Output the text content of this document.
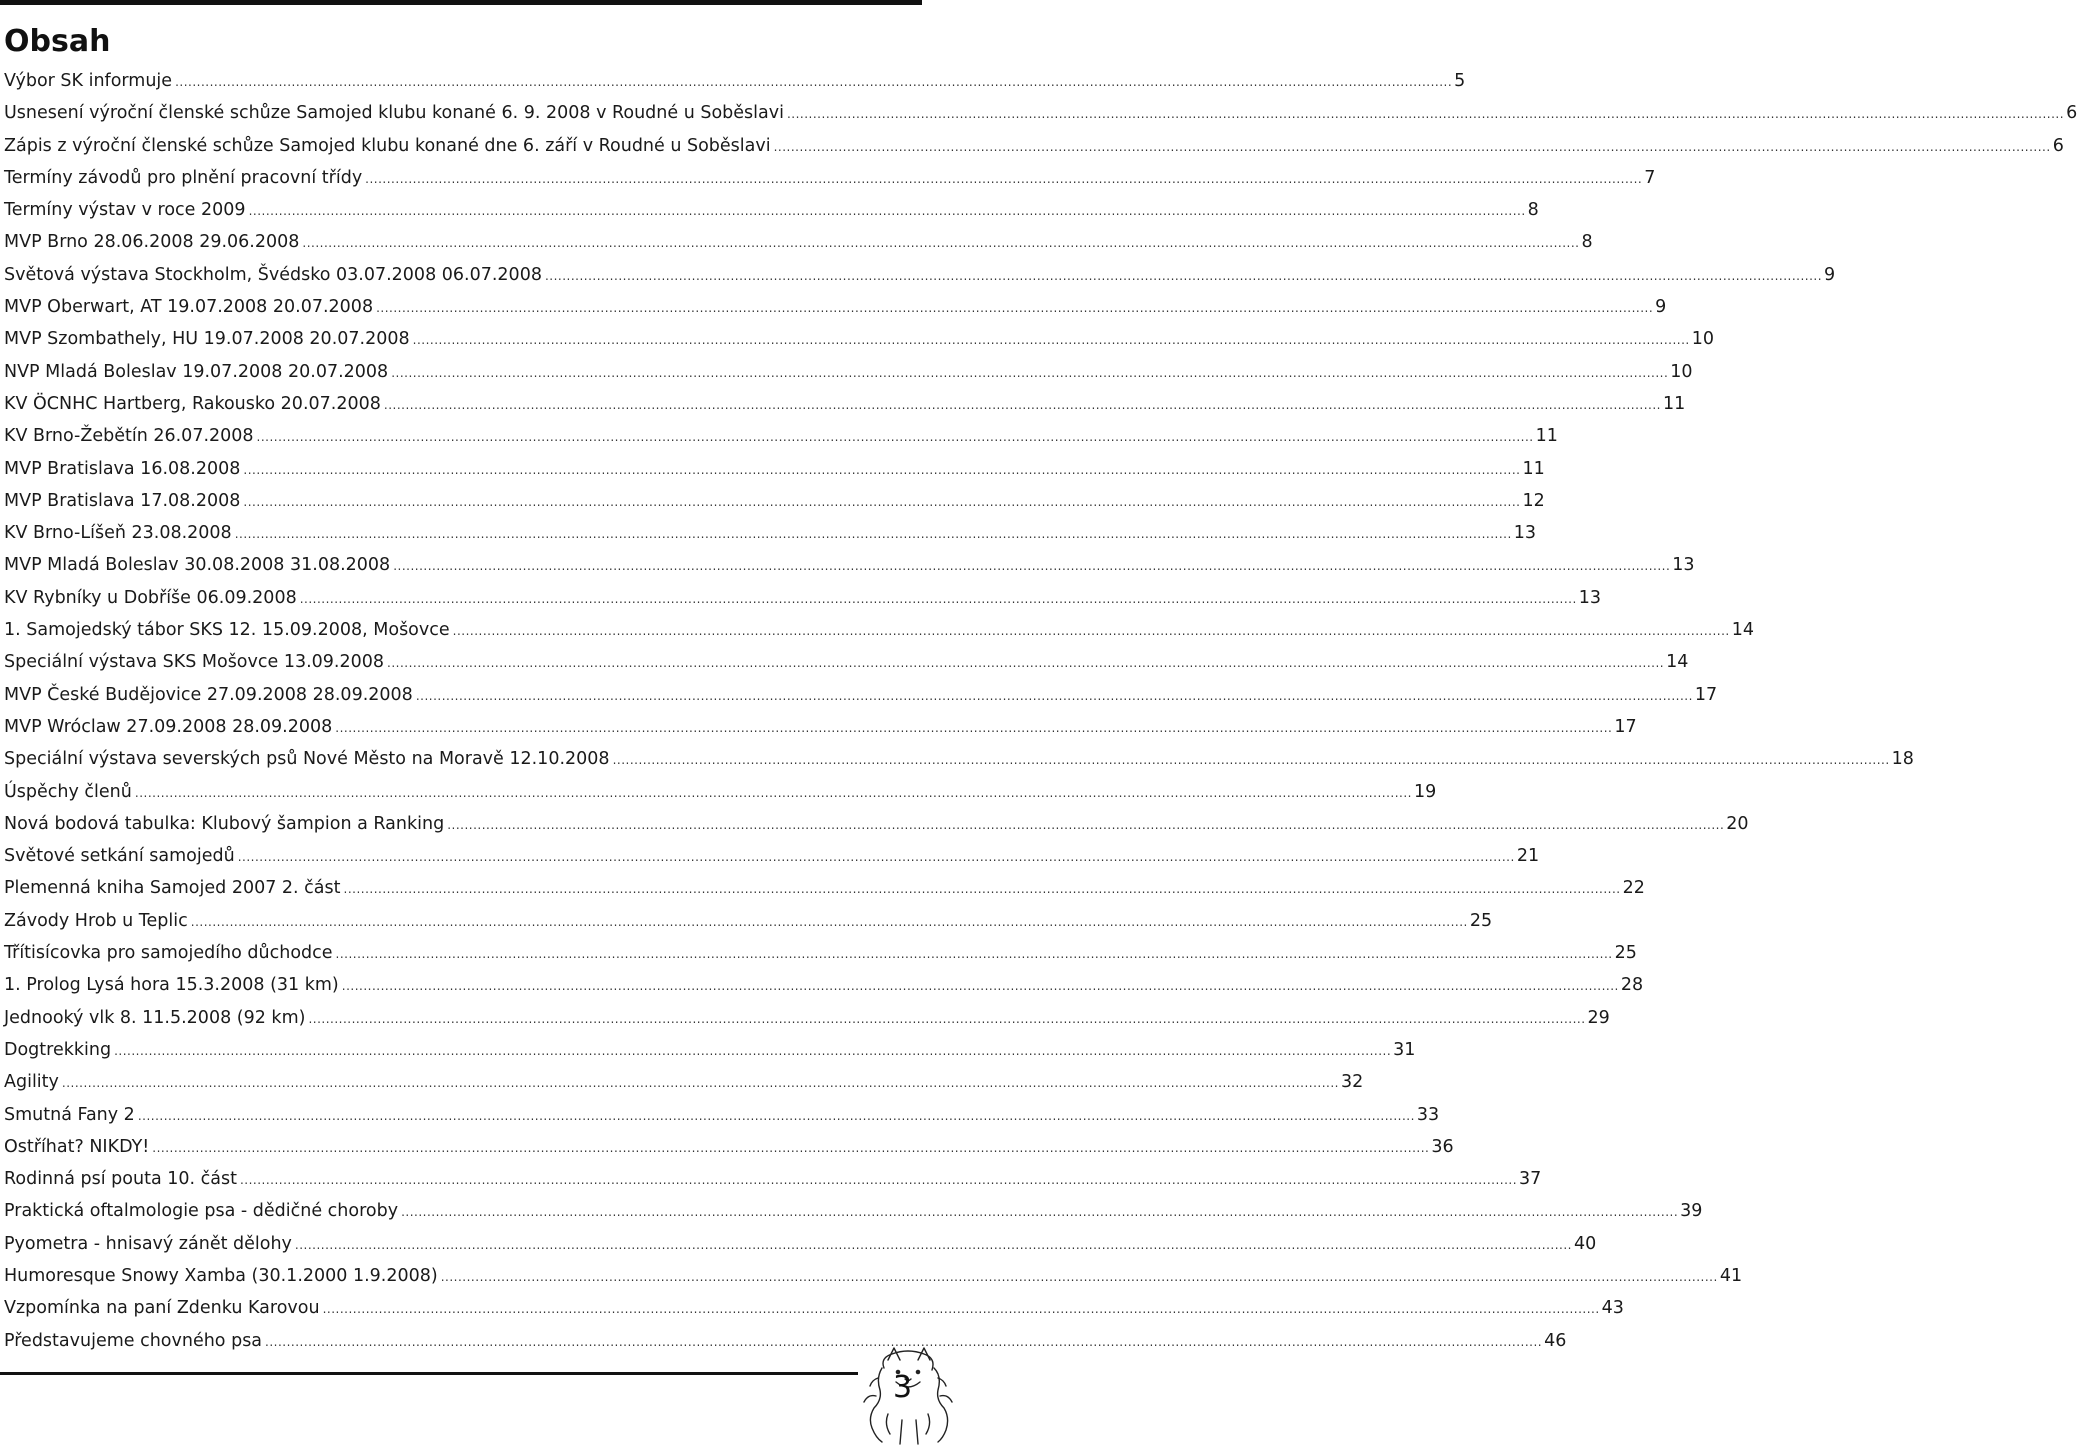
Obsah
Výbor SK informuje .....	5
Usnesení výroční členské schůze Samojed klubu konané 6. 9. 2008 v Roudné u Soběslavi .....	6
Zápis z výroční členské schůze Samojed klubu konané dne 6. září v Roudné u Soběslavi .....	6
Termíny závodů pro plnění pracovní třídy .....	7
Termíny výstav v roce 2009 .....	8
MVP Brno 28.06.2008 29.06.2008 .....	8
Světová výstava Stockholm, Švédsko 03.07.2008 06.07.2008 .....	9
MVP Oberwart, AT 19.07.2008 20.07.2008 .....	9
MVP Szombathely, HU 19.07.2008 20.07.2008 .....	10
NVP Mladá Boleslav 19.07.2008 20.07.2008 .....	10
KV ÖCNHC Hartberg, Rakousko 20.07.2008 .....	11
KV Brno-Žebětín 26.07.2008 .....	11
MVP Bratislava 16.08.2008 .....	11
MVP Bratislava 17.08.2008 .....	12
KV Brno-Líšeň 23.08.2008 .....	13
MVP Mladá Boleslav 30.08.2008 31.08.2008 .....	13
KV Rybníky u Dobříše 06.09.2008 .....	13
1. Samojedský tábor SKS 12. 15.09.2008, Mošovce .....	14
Speciální výstava SKS Mošovce 13.09.2008 .....	14
MVP České Budějovice 27.09.2008 28.09.2008 .....	17
MVP Wróclaw 27.09.2008 28.09.2008 .....	17
Speciální výstava severských psů Nové Město na Moravě 12.10.2008 .....	18
Úspěchy členů .....	19
Nová bodová tabulka: Klubový šampion a Ranking .....	20
Světové setkání samojedů .....	21
Plemenná kniha Samojed 2007 2. část .....	22
Závody Hrob u Teplic .....	25
Třítisícovka pro samojedího důchodce .....	25
1. Prolog Lysá hora 15.3.2008 (31 km) .....	28
Jednooký vlk 8. 11.5.2008 (92 km) .....	29
Dogtrekking .....	31
Agility .....	32
Smutná Fany 2 .....	33
Ostříhat? NIKDY! .....	36
Rodinná psí pouta 10. část .....	37
Praktická oftalmologie psa - dědičné choroby .....	39
Pyometra - hnisavý zánět dělohy .....	40
Humoresque Snowy Xamba (30.1.2000 1.9.2008) .....	41
Vzpomínka na paní Zdenku Karovou .....	43
Představujeme chovného psa .....	46
3
